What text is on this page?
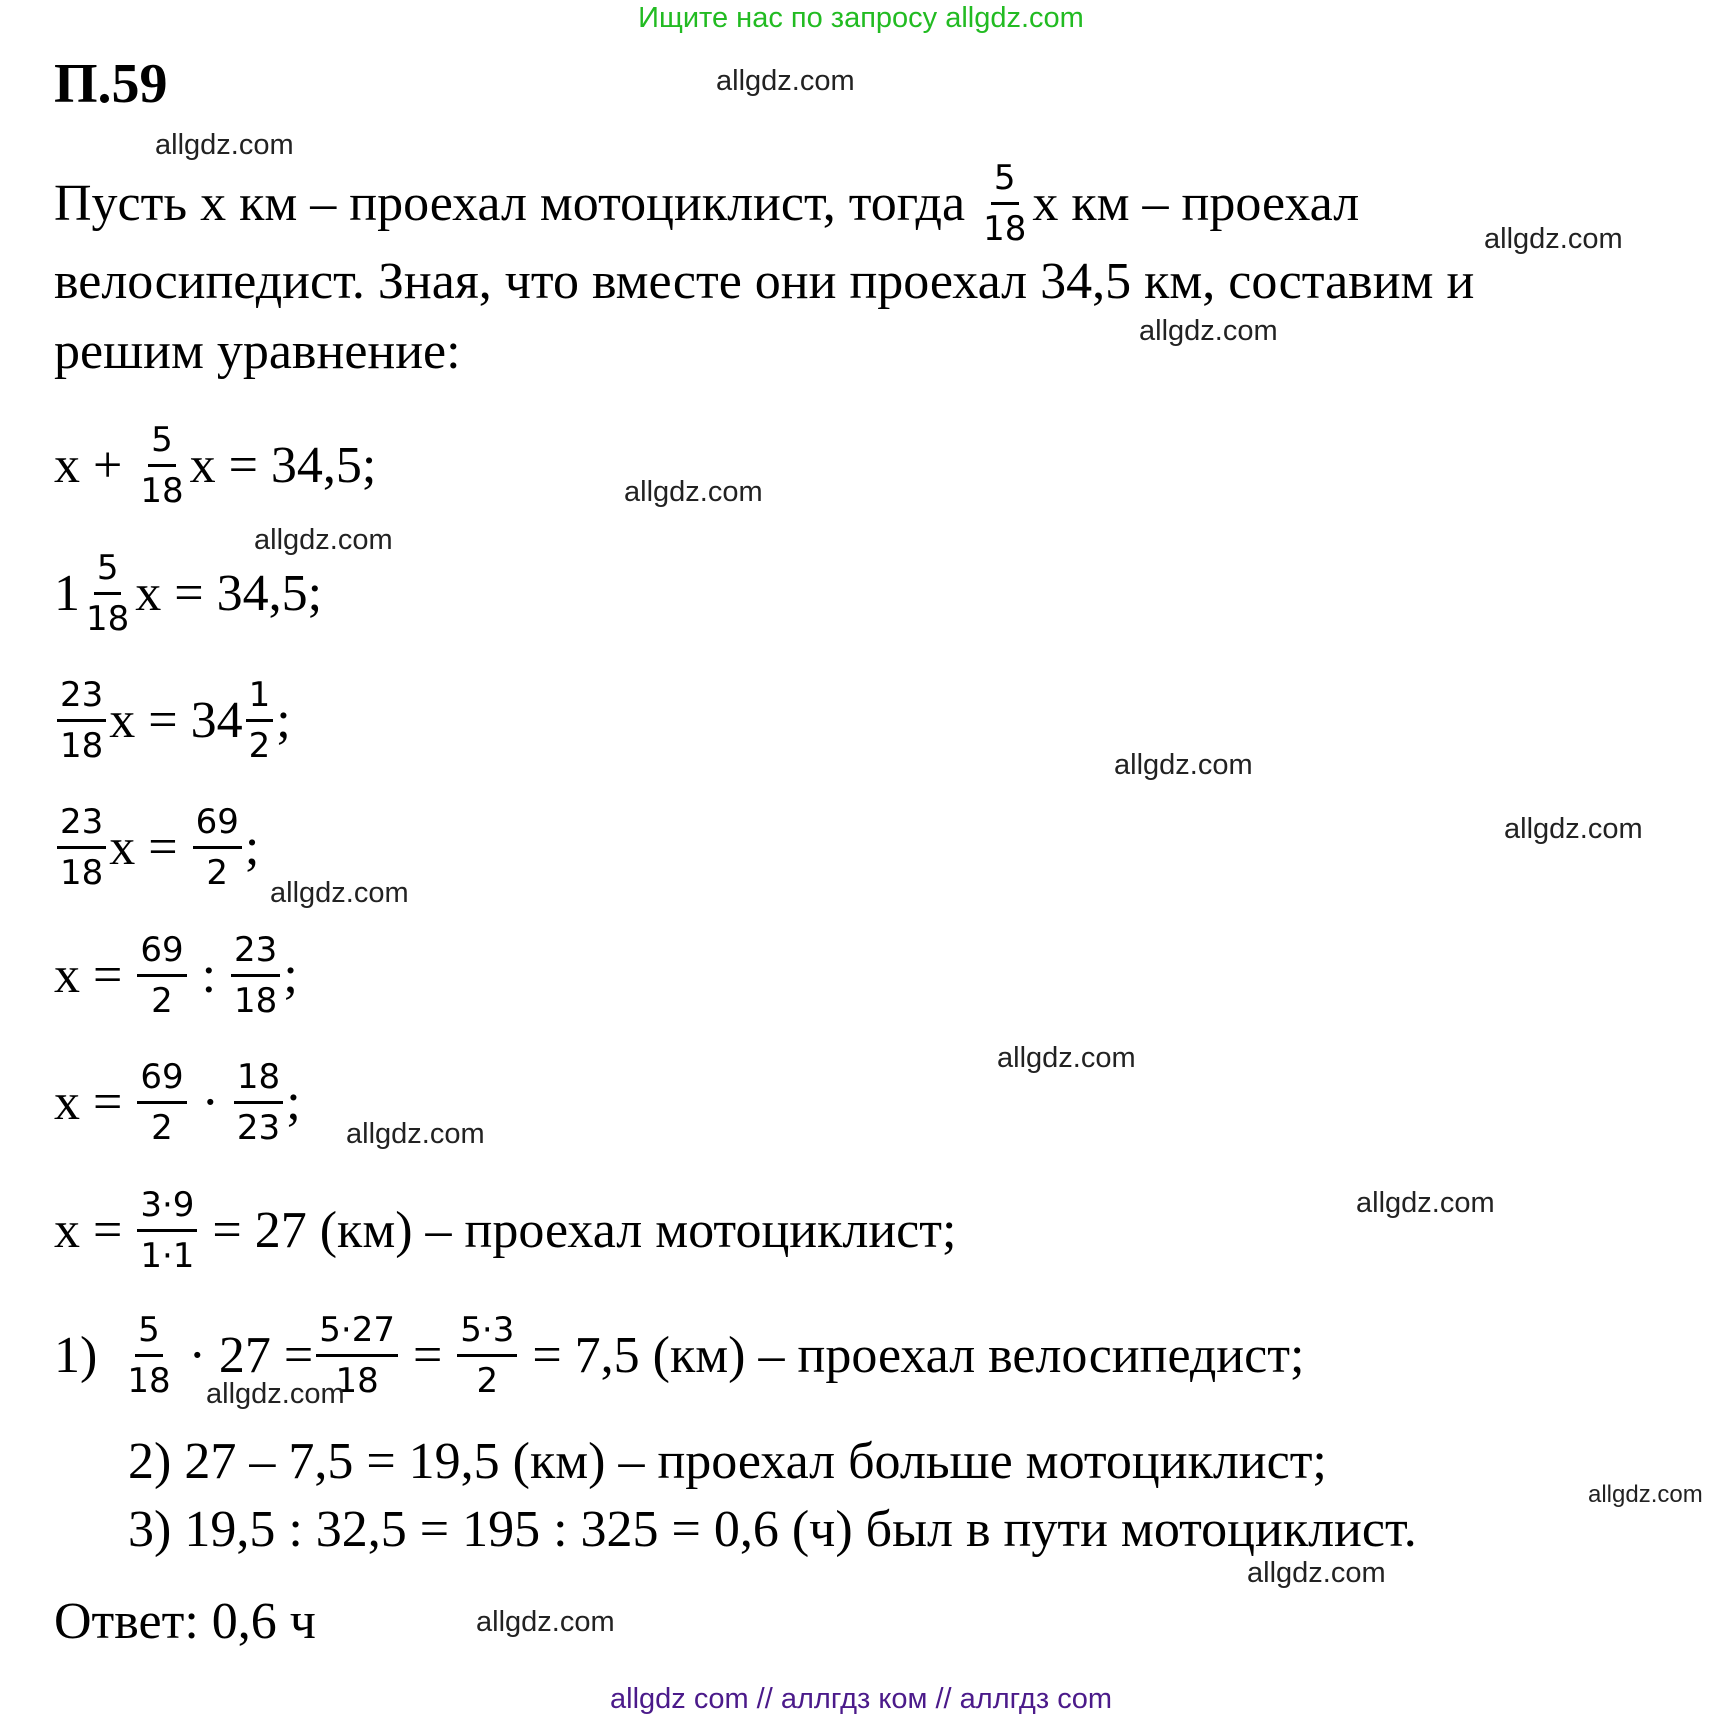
Ищите нас по запросу allgdz.com
П.59
Пусть x км – проехал мотоциклист, тогда $\frac{5}{18}$ x км – проехал
велосипедист. Зная, что вместе они проехал 34,5 км, составим и
решим уравнение:
$x + \frac{5}{18}$ x = 34,5;
$1 \frac{5}{18}$ x = 34,5;
$\frac{23}{18}$ $x = 34 \frac{1}{2}$ ;
$\frac{23}{18}$ $x = \frac{69}{2}$ ;
$x = \frac{69}{2}$ : $\frac{23}{18}$ ;
$x = \frac{69}{2} \cdot \frac{18}{23}$ ;
$x = \frac{3\cdot 9}{1\cdot 1} = 27$ (км) – проехал мотоциклист;
$1) \frac{5}{18} \cdot 27 = \frac{5\cdot 27}{18} = \frac{5\cdot 3}{2} = 7,5$ (км) – проехал велосипедист;
2) 27 – 7,5 = 19,5 (км) – проехал больше мотоциклист;
3) 19,5 : 32,5 = 195 : 325 = 0,6 (ч) был в пути мотоциклист.
Ответ: 0,6 ч
allgdz.com
allgdz.com
allgdz.com
allgdz.com
allgdz.com
allgdz.com
allgdz.com
allgdz.com
allgdz.com
allgdz.com
allgdz.com
allgdz.com
allgdz.com
allgdz.com
allgdz.com
allgdz.com
allgdz com // аллгдз ком // аллгдз com
